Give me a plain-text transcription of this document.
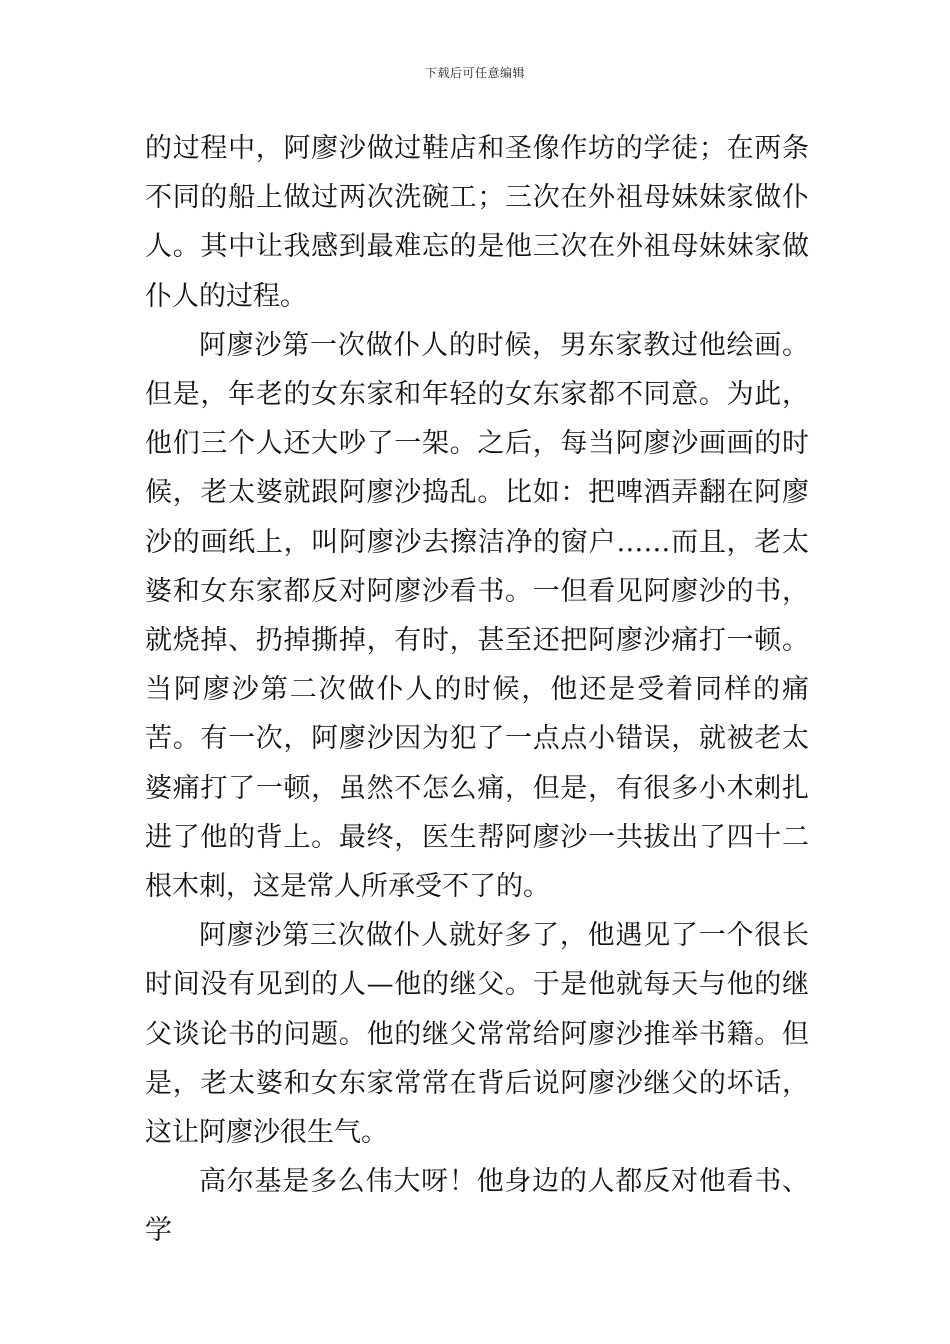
下载后可任意编辑

的过程中，阿廖沙做过鞋店和圣像作坊的学徒；在两条不同的船上做过两次洗碗工；三次在外祖母妹妹家做仆人。其中让我感到最难忘的是他三次在外祖母妹妹家做仆人的过程。

阿廖沙第一次做仆人的时候，男东家教过他绘画。但是，年老的女东家和年轻的女东家都不同意。为此，他们三个人还大吵了一架。之后，每当阿廖沙画画的时候，老太婆就跟阿廖沙捣乱。比如：把啤酒弄翻在阿廖沙的画纸上，叫阿廖沙去擦洁净的窗户……而且，老太婆和女东家都反对阿廖沙看书。一但看见阿廖沙的书，就烧掉、扔掉撕掉，有时，甚至还把阿廖沙痛打一顿。当阿廖沙第二次做仆人的时候，他还是受着同样的痛苦。有一次，阿廖沙因为犯了一点点小错误，就被老太婆痛打了一顿，虽然不怎么痛，但是，有很多小木刺扎进了他的背上。最终，医生帮阿廖沙一共拔出了四十二根木刺，这是常人所承受不了的。

阿廖沙第三次做仆人就好多了，他遇见了一个很长时间没有见到的人—他的继父。于是他就每天与他的继父谈论书的问题。他的继父常常给阿廖沙推举书籍。但是，老太婆和女东家常常在背后说阿廖沙继父的坏话，这让阿廖沙很生气。

高尔基是多么伟大呀！他身边的人都反对他看书、学
